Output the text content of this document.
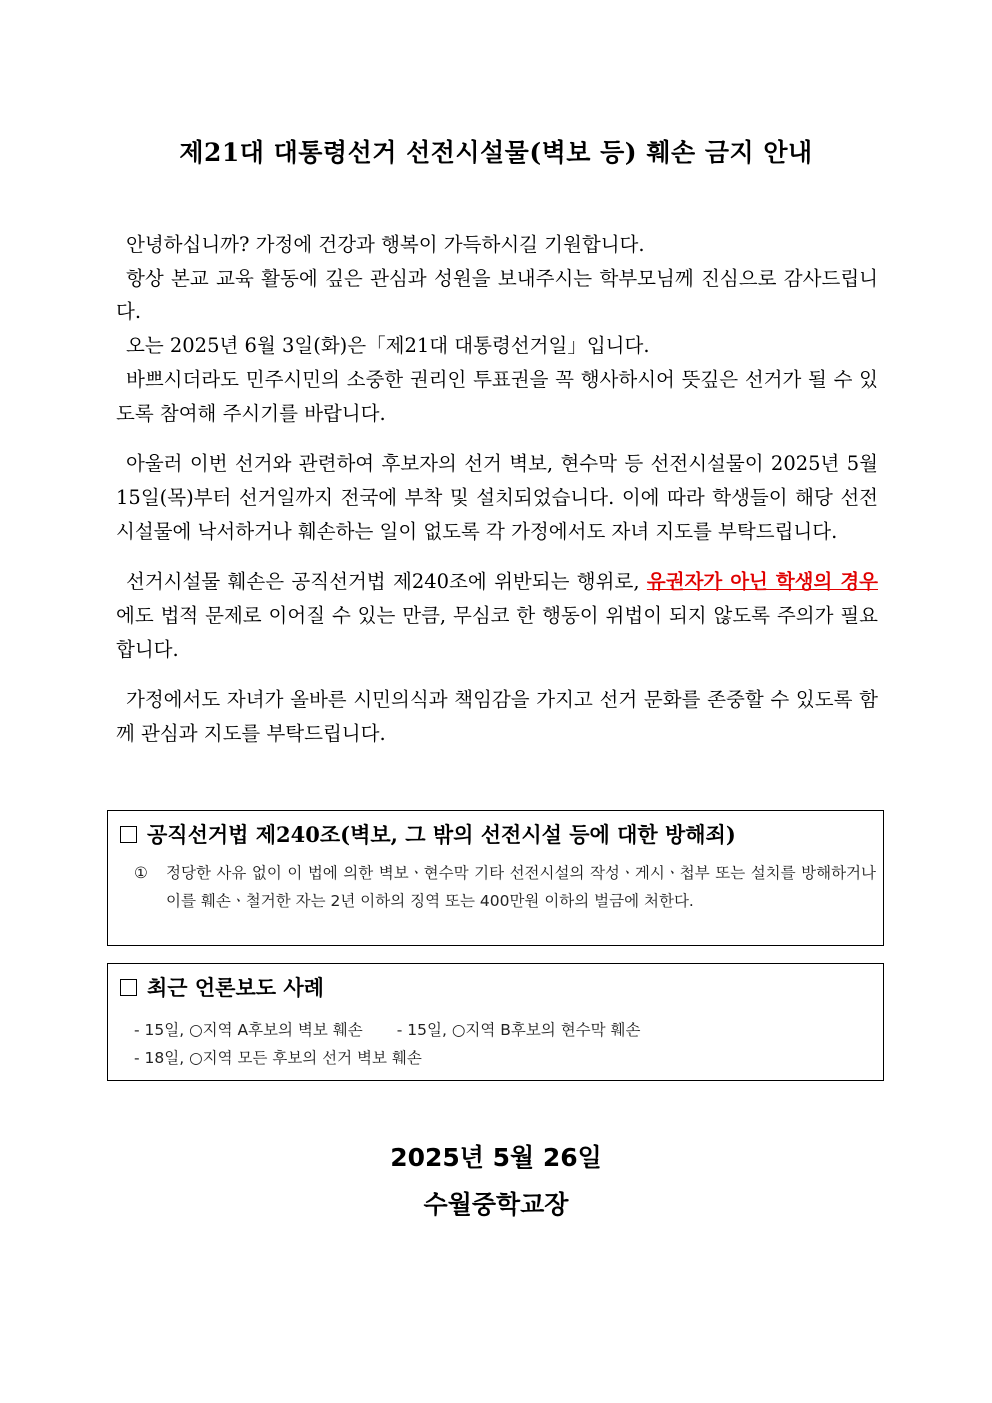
제21대 대통령선거 선전시설물(벽보 등) 훼손 금지 안내

안녕하십니까? 가정에 건강과 행복이 가득하시길 기원합니다.

항상 본교 교육 활동에 깊은 관심과 성원을 보내주시는 학부모님께 진심으로 감사드립니다.

오는 2025년 6월 3일(화)은「제21대 대통령선거일」입니다.

바쁘시더라도 민주시민의 소중한 권리인 투표권을 꼭 행사하시어 뜻깊은 선거가 될 수 있도록 참여해 주시기를 바랍니다.

아울러 이번 선거와 관련하여 후보자의 선거 벽보, 현수막 등 선전시설물이 2025년 5월 15일(목)부터 선거일까지 전국에 부착 및 설치되었습니다. 이에 따라 학생들이 해당 선전시설물에 낙서하거나 훼손하는 일이 없도록 각 가정에서도 자녀 지도를 부탁드립니다.

선거시설물 훼손은 공직선거법 제240조에 위반되는 행위로, 유권자가 아닌 학생의 경우에도 법적 문제로 이어질 수 있는 만큼, 무심코 한 행동이 위법이 되지 않도록 주의가 필요합니다.

가정에서도 자녀가 올바른 시민의식과 책임감을 가지고 선거 문화를 존중할 수 있도록 함께 관심과 지도를 부탁드립니다.

공직선거법 제240조(벽보, 그 밖의 선전시설 등에 대한 방해죄)
① 정당한 사유 없이 이 법에 의한 벽보ㆍ현수막 기타 선전시설의 작성ㆍ게시ㆍ첩부 또는 설치를 방해하거나 이를 훼손ㆍ철거한 자는 2년 이하의 징역 또는 400만원 이하의 벌금에 처한다.
최근 언론보도 사례
- 15일, ○지역 A후보의 벽보 훼손 - 15일, ○지역 B후보의 현수막 훼손
- 18일, ○지역 모든 후보의 선거 벽보 훼손
2025년 5월 26일
수월중학교장
